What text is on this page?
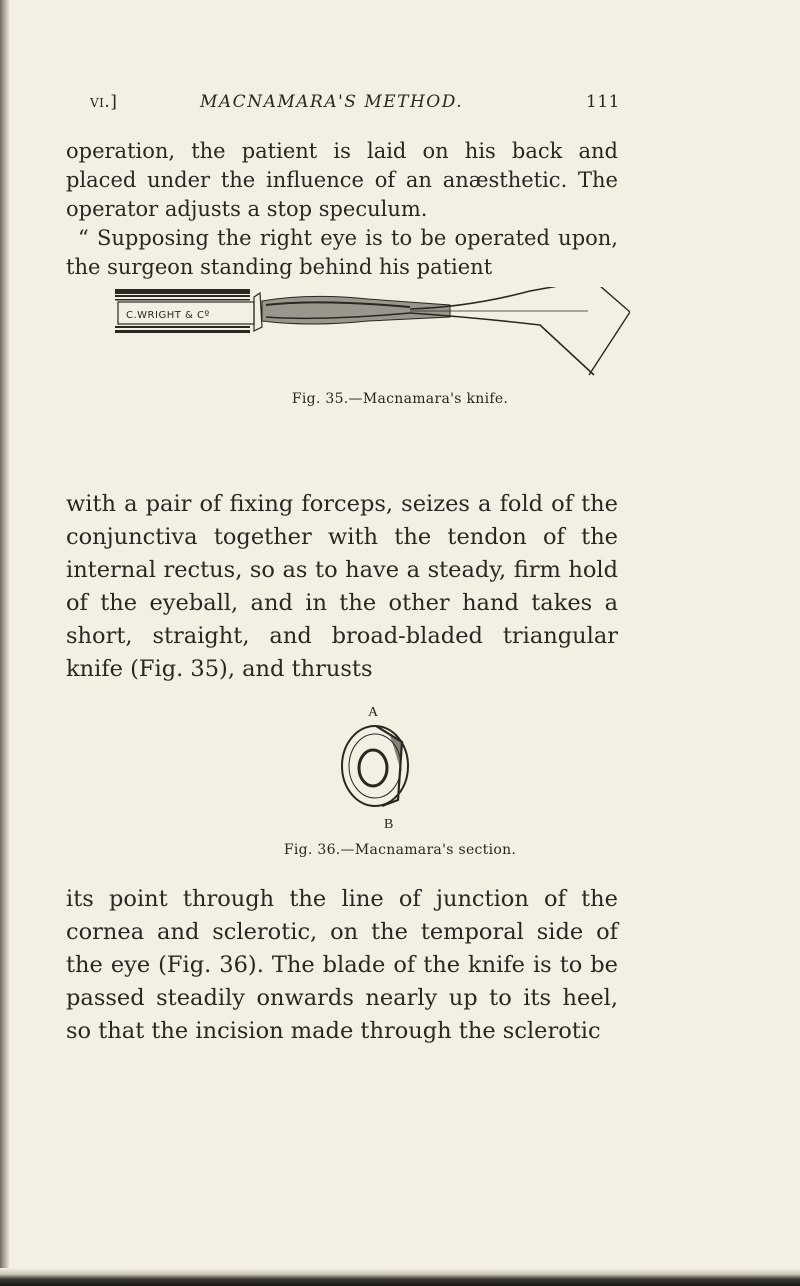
vi.]	MACNAMARA'S METHOD.	111
operation, the patient is laid on his back and placed under the influence of an anæsthetic. The operator adjusts a stop speculum.
“ Supposing the right eye is to be operated upon, the surgeon standing behind his patient
C.WRIGHT & Cº
Fig. 35.—Macnamara's knife.
with a pair of fixing forceps, seizes a fold of the conjunctiva together with the tendon of the internal rectus, so as to have a steady, firm hold of the eyeball, and in the other hand takes a short, straight, and broad-bladed triangular knife (Fig. 35), and thrusts
A
B
Fig. 36.—Macnamara's section.
its point through the line of junction of the cornea and sclerotic, on the temporal side of the eye (Fig. 36). The blade of the knife is to be passed steadily onwards nearly up to its heel, so that the incision made through the sclerotic
